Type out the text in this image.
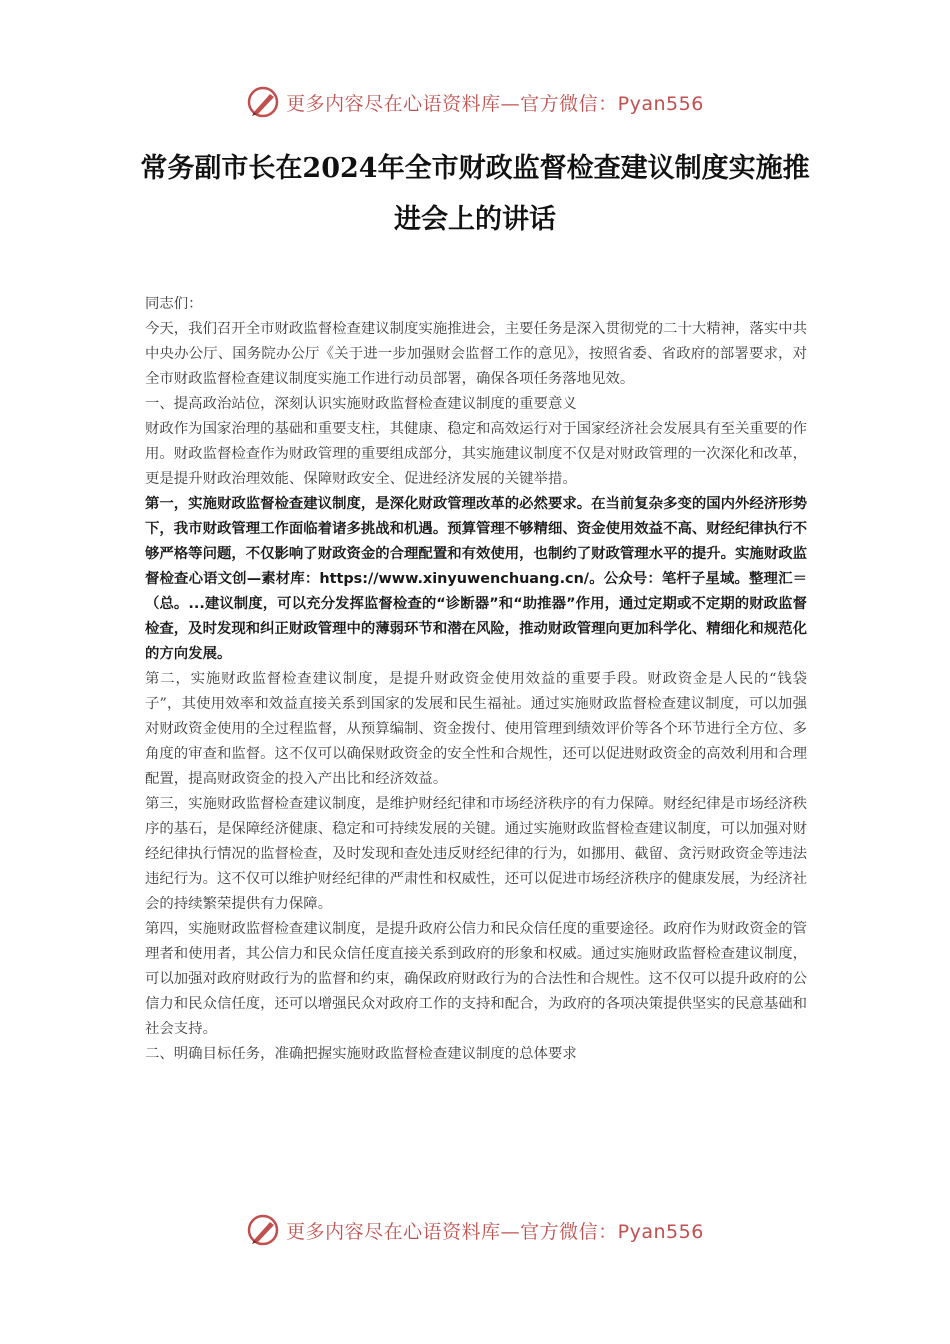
更多内容尽在心语资料库—官方微信：Pyan556
常务副市长在2024年全市财政监督检查建议制度实施推进会上的讲话

同志们：

今天，我们召开全市财政监督检查建议制度实施推进会，主要任务是深入贯彻党的二十大精神，落实中共中央办公厅、国务院办公厅《关于进一步加强财会监督工作的意见》，按照省委、省政府的部署要求，对全市财政监督检查建议制度实施工作进行动员部署，确保各项任务落地见效。

一、提高政治站位，深刻认识实施财政监督检查建议制度的重要意义

财政作为国家治理的基础和重要支柱，其健康、稳定和高效运行对于国家经济社会发展具有至关重要的作用。财政监督检查作为财政管理的重要组成部分，其实施建议制度不仅是对财政管理的一次深化和改革，更是提升财政治理效能、保障财政安全、促进经济发展的关键举措。

第一，实施财政监督检查建议制度，是深化财政管理改革的必然要求。在当前复杂多变的国内外经济形势下，我市财政管理工作面临着诸多挑战和机遇。预算管理不够精细、资金使用效益不高、财经纪律执行不够严格等问题，不仅影响了财政资金的合理配置和有效使用，也制约了财政管理水平的提升。实施财政监督检查心语文创—素材库：https://www.xinyuwenchuang.cn/。公众号：笔杆子星域。整理汇＝（总。...建议制度，可以充分发挥监督检查的“诊断器”和“助推器”作用，通过定期或不定期的财政监督检查，及时发现和纠正财政管理中的薄弱环节和潜在风险，推动财政管理向更加科学化、精细化和规范化的方向发展。

第二，实施财政监督检查建议制度，是提升财政资金使用效益的重要手段。财政资金是人民的“钱袋子”，其使用效率和效益直接关系到国家的发展和民生福祉。通过实施财政监督检查建议制度，可以加强对财政资金使用的全过程监督，从预算编制、资金拨付、使用管理到绩效评价等各个环节进行全方位、多角度的审查和监督。这不仅可以确保财政资金的安全性和合规性，还可以促进财政资金的高效利用和合理配置，提高财政资金的投入产出比和经济效益。

第三，实施财政监督检查建议制度，是维护财经纪律和市场经济秩序的有力保障。财经纪律是市场经济秩序的基石，是保障经济健康、稳定和可持续发展的关键。通过实施财政监督检查建议制度，可以加强对财经纪律执行情况的监督检查，及时发现和查处违反财经纪律的行为，如挪用、截留、贪污财政资金等违法违纪行为。这不仅可以维护财经纪律的严肃性和权威性，还可以促进市场经济秩序的健康发展，为经济社会的持续繁荣提供有力保障。

第四，实施财政监督检查建议制度，是提升政府公信力和民众信任度的重要途径。政府作为财政资金的管理者和使用者，其公信力和民众信任度直接关系到政府的形象和权威。通过实施财政监督检查建议制度，可以加强对政府财政行为的监督和约束，确保政府财政行为的合法性和合规性。这不仅可以提升政府的公信力和民众信任度，还可以增强民众对政府工作的支持和配合，为政府的各项决策提供坚实的民意基础和社会支持。

二、明确目标任务，准确把握实施财政监督检查建议制度的总体要求

更多内容尽在心语资料库—官方微信：Pyan556
